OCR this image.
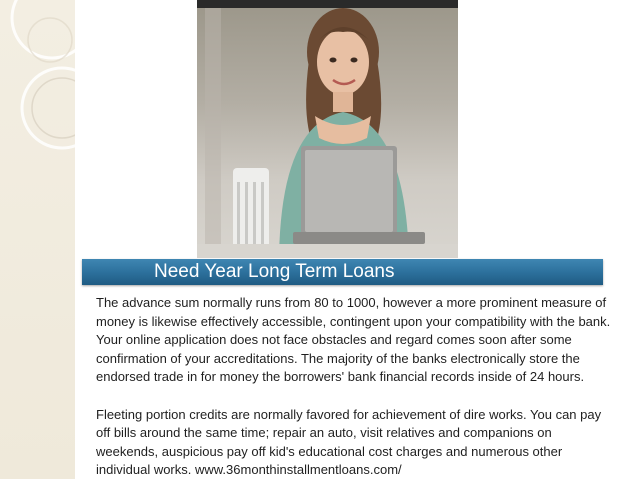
Need Year Long Term Loans

The advance sum normally runs from 80 to 1000, however a more prominent measure of money is likewise effectively accessible, contingent upon your compatibility with the bank. Your online application does not face obstacles and regard comes soon after some confirmation of your accreditations. The majority of the banks electronically store the endorsed trade in for money the borrowers' bank financial records inside of 24 hours.

Fleeting portion credits are normally favored for achievement of dire works. You can pay off bills around the same time; repair an auto, visit relatives and companions on weekends, auspicious pay off kid's educational cost charges and numerous other individual works. www.36monthinstallmentloans.com/
